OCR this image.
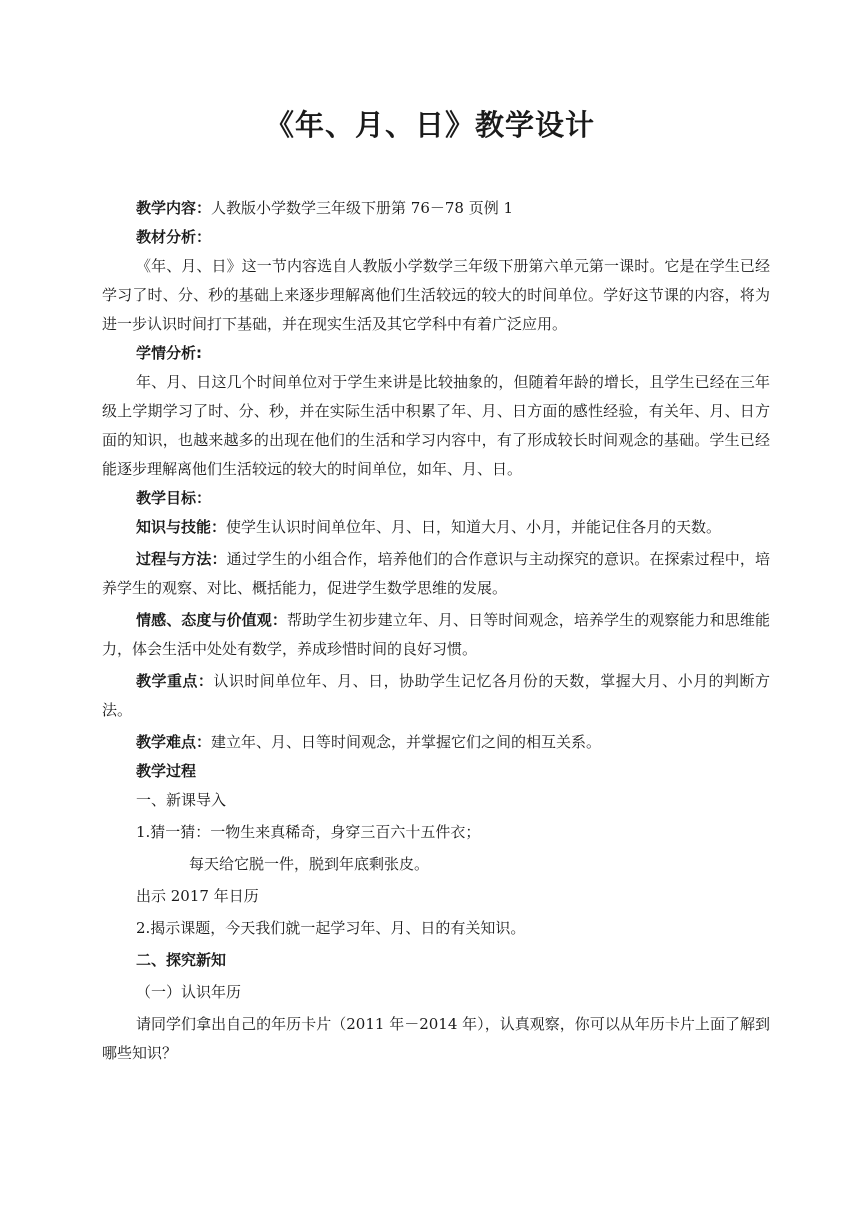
《年、月、日》教学设计

教学内容：人教版小学数学三年级下册第 76－78 页例 1

教材分析：

《年、月、日》这一节内容选自人教版小学数学三年级下册第六单元第一课时。它是在学生已经学习了时、分、秒的基础上来逐步理解离他们生活较远的较大的时间单位。学好这节课的内容，将为进一步认识时间打下基础，并在现实生活及其它学科中有着广泛应用。

学情分析:

年、月、日这几个时间单位对于学生来讲是比较抽象的，但随着年龄的增长，且学生已经在三年级上学期学习了时、分、秒，并在实际生活中积累了年、月、日方面的感性经验，有关年、月、日方面的知识，也越来越多的出现在他们的生活和学习内容中，有了形成较长时间观念的基础。学生已经能逐步理解离他们生活较远的较大的时间单位，如年、月、日。

教学目标：

知识与技能：使学生认识时间单位年、月、日，知道大月、小月，并能记住各月的天数。

过程与方法：通过学生的小组合作，培养他们的合作意识与主动探究的意识。在探索过程中，培养学生的观察、对比、概括能力，促进学生数学思维的发展。

情感、态度与价值观：帮助学生初步建立年、月、日等时间观念，培养学生的观察能力和思维能力，体会生活中处处有数学，养成珍惜时间的良好习惯。

教学重点：认识时间单位年、月、日，协助学生记忆各月份的天数，掌握大月、小月的判断方法。

教学难点：建立年、月、日等时间观念，并掌握它们之间的相互关系。

教学过程

一、新课导入

1.猜一猜：一物生来真稀奇，身穿三百六十五件衣；

每天给它脱一件，脱到年底剩张皮。

出示 2017 年日历

2.揭示课题，今天我们就一起学习年、月、日的有关知识。

二、探究新知

（一）认识年历

请同学们拿出自己的年历卡片（2011 年－2014 年），认真观察，你可以从年历卡片上面了解到哪些知识？
